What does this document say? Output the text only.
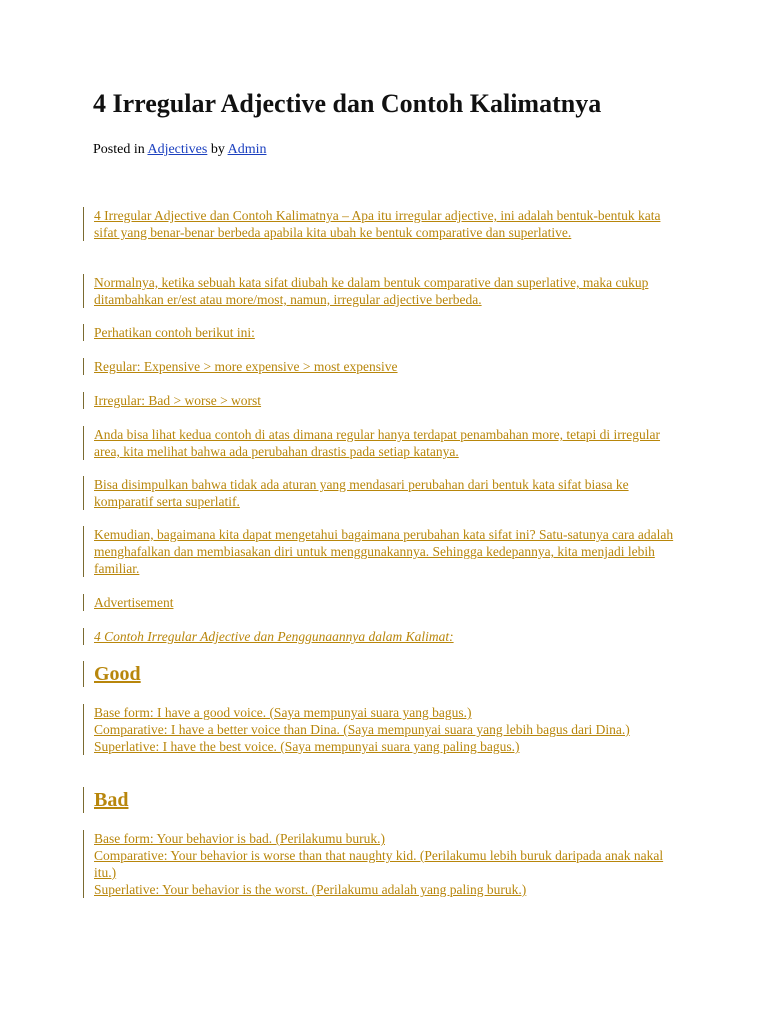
4 Irregular Adjective dan Contoh Kalimatnya
Posted in Adjectives by Admin
4 Irregular Adjective dan Contoh Kalimatnya – Apa itu irregular adjective, ini adalah bentuk-bentuk kata sifat yang benar-benar berbeda apabila kita ubah ke bentuk comparative dan superlative.
Normalnya, ketika sebuah kata sifat diubah ke dalam bentuk comparative dan superlative, maka cukup ditambahkan er/est atau more/most, namun, irregular adjective berbeda.
Perhatikan contoh berikut ini:
Regular: Expensive > more expensive > most expensive
Irregular: Bad > worse > worst
Anda bisa lihat kedua contoh di atas dimana regular hanya terdapat penambahan more, tetapi di irregular area, kita melihat bahwa ada perubahan drastis pada setiap katanya.
Bisa disimpulkan bahwa tidak ada aturan yang mendasari perubahan dari bentuk kata sifat biasa ke komparatif serta superlatif.
Kemudian, bagaimana kita dapat mengetahui bagaimana perubahan kata sifat ini? Satu-satunya cara adalah menghafalkan dan membiasakan diri untuk menggunakannya. Sehingga kedepannya, kita menjadi lebih familiar.
Advertisement
4 Contoh Irregular Adjective dan Penggunaannya dalam Kalimat:
Good
Base form: I have a good voice. (Saya mempunyai suara yang bagus.)
Comparative: I have a better voice than Dina. (Saya mempunyai suara yang lebih bagus dari Dina.)
Superlative: I have the best voice. (Saya mempunyai suara yang paling bagus.)
Bad
Base form: Your behavior is bad. (Perilakumu buruk.)
Comparative: Your behavior is worse than that naughty kid. (Perilakumu lebih buruk daripada anak nakal itu.)
Superlative: Your behavior is the worst. (Perilakumu adalah yang paling buruk.)
